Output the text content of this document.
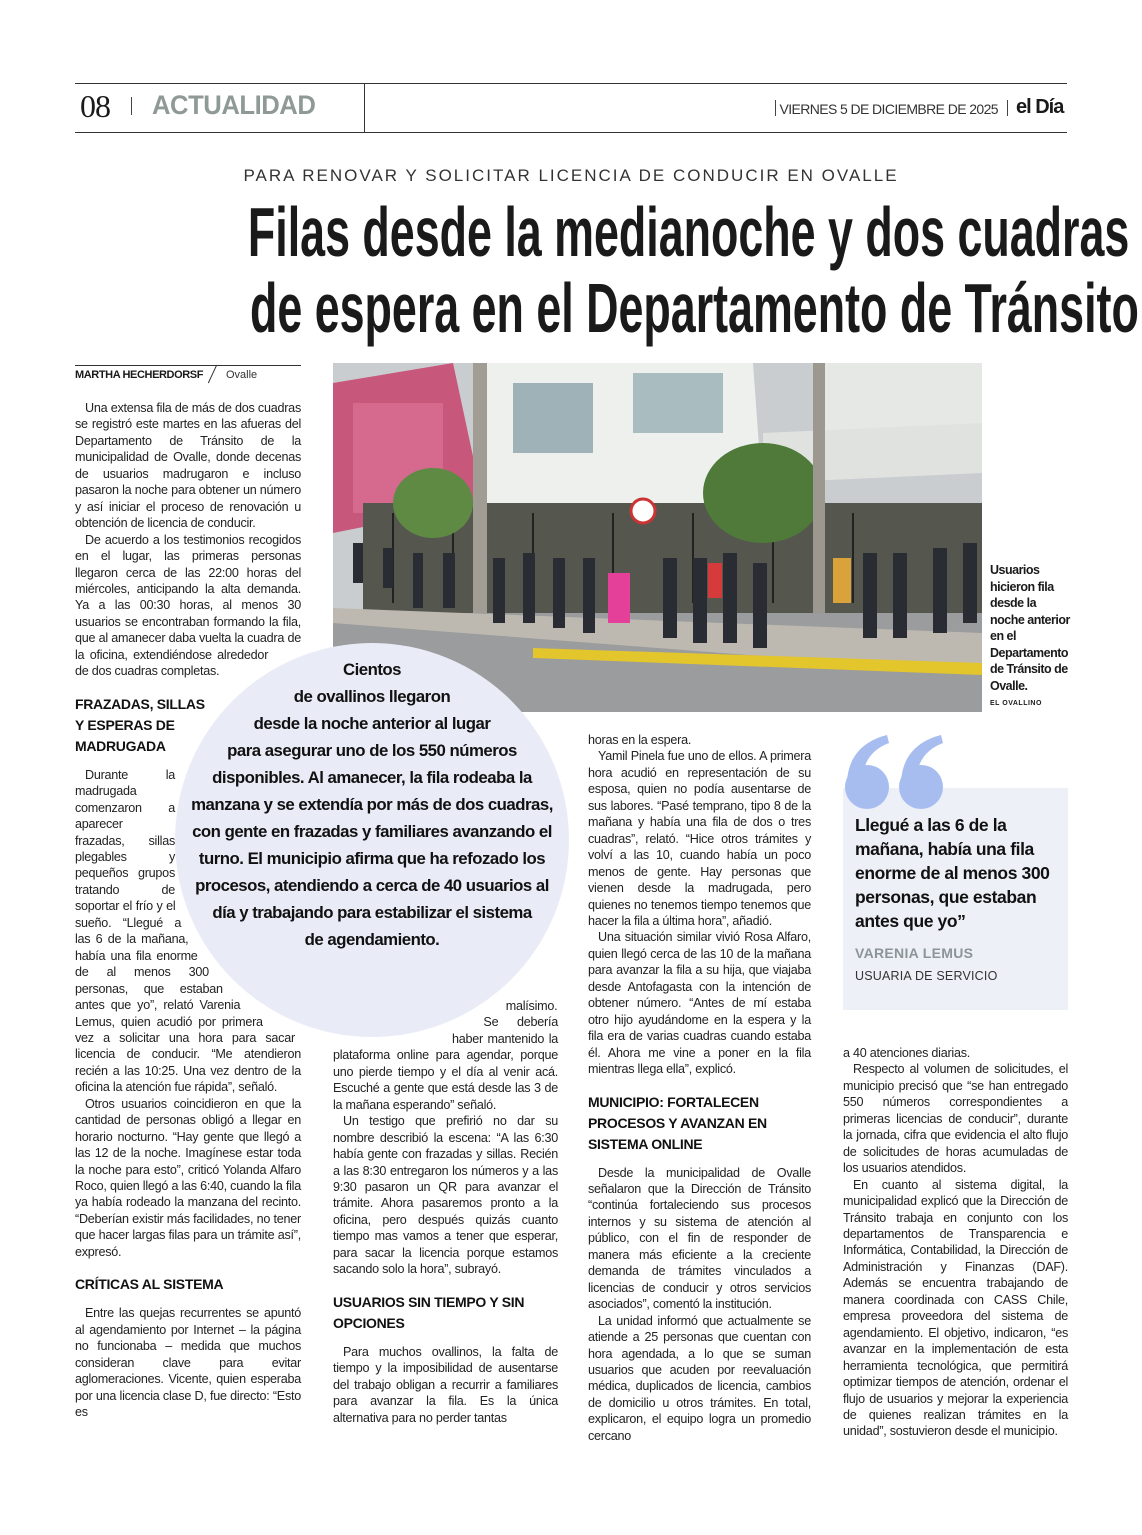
08 ACTUALIDAD	VIERNES 5 DE DICIEMBRE DE 2025 el Día
PARA RENOVAR Y SOLICITAR LICENCIA DE CONDUCIR EN OVALLE
Filas desde la medianoche y dos cuadras
de espera en el Departamento de Tránsito
MARTHA HECHERDORSF Ovalle
Usuarios hicieron fila desde la noche anterior en el Departamento de Tránsito de Ovalle.
EL OVALLINO

Una extensa fila de más de dos cuadras se registró este martes en las afueras del Departamento de Tránsito de la municipalidad de Ovalle, donde decenas de usuarios madrugaron e incluso pasaron la noche para obtener un número y así iniciar el proceso de renovación u obtención de licencia de conducir.

De acuerdo a los testimonios recogidos en el lugar, las primeras personas llegaron cerca de las 22:00 horas del miércoles, anticipando la alta demanda. Ya a las 00:30 horas, al menos 30 usuarios se encontraban formando la fila, que al amanecer daba vuelta la cuadra de la oficina, extendiéndose alrededor de dos cuadras completas.

FRAZADAS, SILLAS Y ESPERAS DE MADRUGADA

Durante la madrugada comenzaron a aparecer frazadas, sillas plegables y pequeños grupos tratando de soportar el frío y el sueño. “Llegué a las 6 de la mañana, había una fila enorme de al menos 300 personas, que estaban antes que yo”, relató Varenia Lemus, quien acudió por primera vez a solicitar una hora para sacar licencia de conducir. “Me atendieron recién a las 10:25. Una vez dentro de la oficina la atención fue rápida”, señaló.

Otros usuarios coincidieron en que la cantidad de personas obligó a llegar en horario nocturno. “Hay gente que llegó a las 12 de la noche. Imagínese estar toda la noche para esto”, criticó Yolanda Alfaro Roco, quien llegó a las 6:40, cuando la fila ya había rodeado la manzana del recinto. “Deberían existir más facilidades, no tener que hacer largas filas para un trámite así”, expresó.

CRÍTICAS AL SISTEMA

Entre las quejas recurrentes se apuntó al agendamiento por Internet – la página no funcionaba – medida que muchos consideran clave para evitar aglomeraciones. Vicente, quien esperaba por una licencia clase D, fue directo: “Esto es

malísimo. Se debería haber mantenido la plataforma online para agendar, porque uno pierde tiempo y el día al venir acá. Escuché a gente que está desde las 3 de la mañana esperando” señaló.

Un testigo que prefirió no dar su nombre describió la escena: “A las 6:30 había gente con frazadas y sillas. Recién a las 8:30 entregaron los números y a las 9:30 pasaron un QR para avanzar el trámite. Ahora pasaremos pronto a la oficina, pero después quizás cuanto tiempo mas vamos a tener que esperar, para sacar la licencia porque estamos sacando solo la hora”, subrayó.

USUARIOS SIN TIEMPO Y SIN OPCIONES

Para muchos ovallinos, la falta de tiempo y la imposibilidad de ausentarse del trabajo obligan a recurrir a familiares para avanzar la fila. Es la única alternativa para no perder tantas

horas en la espera.

Yamil Pinela fue uno de ellos. A primera hora acudió en representación de su esposa, quien no podía ausentarse de sus labores. “Pasé temprano, tipo 8 de la mañana y había una fila de dos o tres cuadras”, relató. “Hice otros trámites y volví a las 10, cuando había un poco menos de gente. Hay personas que vienen desde la madrugada, pero quienes no tenemos tiempo tenemos que hacer la fila a última hora”, añadió.

Una situación similar vivió Rosa Alfaro, quien llegó cerca de las 10 de la mañana para avanzar la fila a su hija, que viajaba desde Antofagasta con la intención de obtener número. “Antes de mí estaba otro hijo ayudándome en la espera y la fila era de varias cuadras cuando estaba él. Ahora me vine a poner en la fila mientras llega ella”, explicó.

MUNICIPIO: FORTALECEN PROCESOS Y AVANZAN EN SISTEMA ONLINE

Desde la municipalidad de Ovalle señalaron que la Dirección de Tránsito “continúa fortaleciendo sus procesos internos y su sistema de atención al público, con el fin de responder de manera más eficiente a la creciente demanda de trámites vinculados a licencias de conducir y otros servicios asociados”, comentó la institución.

La unidad informó que actualmente se atiende a 25 personas que cuentan con hora agendada, a lo que se suman usuarios que acuden por reevaluación médica, duplicados de licencia, cambios de domicilio u otros trámites. En total, explicaron, el equipo logra un promedio cercano

Llegué a las 6 de la mañana, había una fila enorme de al menos 300 personas, que estaban antes que yo”
VARENIA LEMUS
USUARIA DE SERVICIO

a 40 atenciones diarias.

Respecto al volumen de solicitudes, el municipio precisó que “se han entregado 550 números correspondientes a primeras licencias de conducir”, durante la jornada, cifra que evidencia el alto flujo de solicitudes de horas acumuladas de los usuarios atendidos.

En cuanto al sistema digital, la municipalidad explicó que la Dirección de Tránsito trabaja en conjunto con los departamentos de Transparencia e Informática, Contabilidad, la Dirección de Administración y Finanzas (DAF). Además se encuentra trabajando de manera coordinada con CASS Chile, empresa proveedora del sistema de agendamiento. El objetivo, indicaron, “es avanzar en la implementación de esta herramienta tecnológica, que permitirá optimizar tiempos de atención, ordenar el flujo de usuarios y mejorar la experiencia de quienes realizan trámites en la unidad”, sostuvieron desde el municipio.

Cientos de ovallinos llegaron desde la noche anterior al lugar para asegurar uno de los 550 números disponibles. Al amanecer, la fila rodeaba la manzana y se extendía por más de dos cuadras, con gente en frazadas y familiares avanzando el turno. El municipio afirma que ha refozado los procesos, atendiendo a cerca de 40 usuarios al día y trabajando para estabilizar el sistema de agendamiento.
